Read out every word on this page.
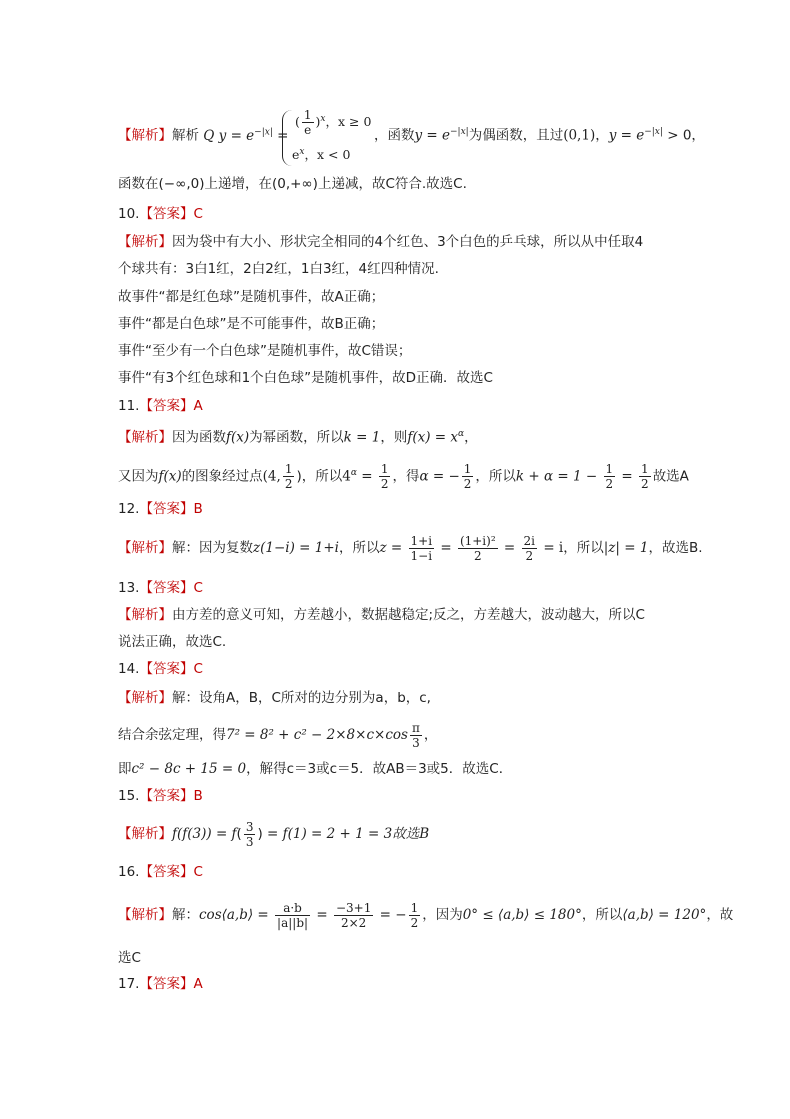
【解析】解析 Q $y = e^{-|x|}$ =
( $\frac{1}{e} )^x$，x ≥ 0
$e^x$，x < 0
，函数$y = e^{-|x|}$为偶函数，且过(0,1)，$y = e^{-|x|} > 0$，
函数在(−∞,0)上递增，在(0,+∞)上递减，故C符合.故选C.
10.【答案】C
【解析】因为袋中有大小、形状完全相同的4个红色、3个白色的乒乓球，所以从中任取4
个球共有：3白1红，2白2红，1白3红，4红四种情况.
故事件“都是红色球”是随机事件，故A正确；
事件“都是白色球”是不可能事件，故B正确；
事件“至少有一个白色球”是随机事件，故C错误；
事件“有3个红色球和1个白色球”是随机事件，故D正确．故选C
11.【答案】A
【解析】因为函数f(x)为幂函数，所以k = 1，则$f(x) = x^\alpha$，
又因为f(x)的图象经过点(4, $\frac{1}{2}$ )，所以$4^\alpha = \frac{1}{2}$ ，得α = − $\frac{1}{2}$ ，所以$k + \alpha = 1 - \frac{1}{2} = \frac{1}{2}$ 故选A
12.【答案】B
【解析】解：因为复数z(1−i) = 1+i，所以$z = \frac{1+i}{1-i} = \frac{\text{(1+i)²}}{2} = \frac{2i}{2} = i$，所以|z| = 1，故选B.
13.【答案】C
【解析】由方差的意义可知，方差越小，数据越稳定;反之，方差越大，波动越大，所以C
说法正确，故选C.
14.【答案】C
【解析】解：设角A，B，C所对的边分别为a，b，c,
结合余弦定理，得$7^2 = 8^2 + c^2 - 2\times 8\times c\times\cos \frac{\pi}{3}$ ，
即c² − 8c + 15 = 0，解得c＝3或c＝5．故AB＝3或5．故选C．
15.【答案】B
【解析】$f(f(3)) = f( \frac{3}{3}$ ) = f(1) = 2 + 1 = 3故选B
16.【答案】C
【解析】解：cos⟨a,b⟩ = $\frac{a\cdot b}{|a||b|} = \frac{-3+1}{2\times 2}$ = − $\frac{1}{2}$ ，因为0° ≤ ⟨a,b⟩ ≤ 180°，所以⟨a,b⟩ = 120°，故
选C
17.【答案】A
